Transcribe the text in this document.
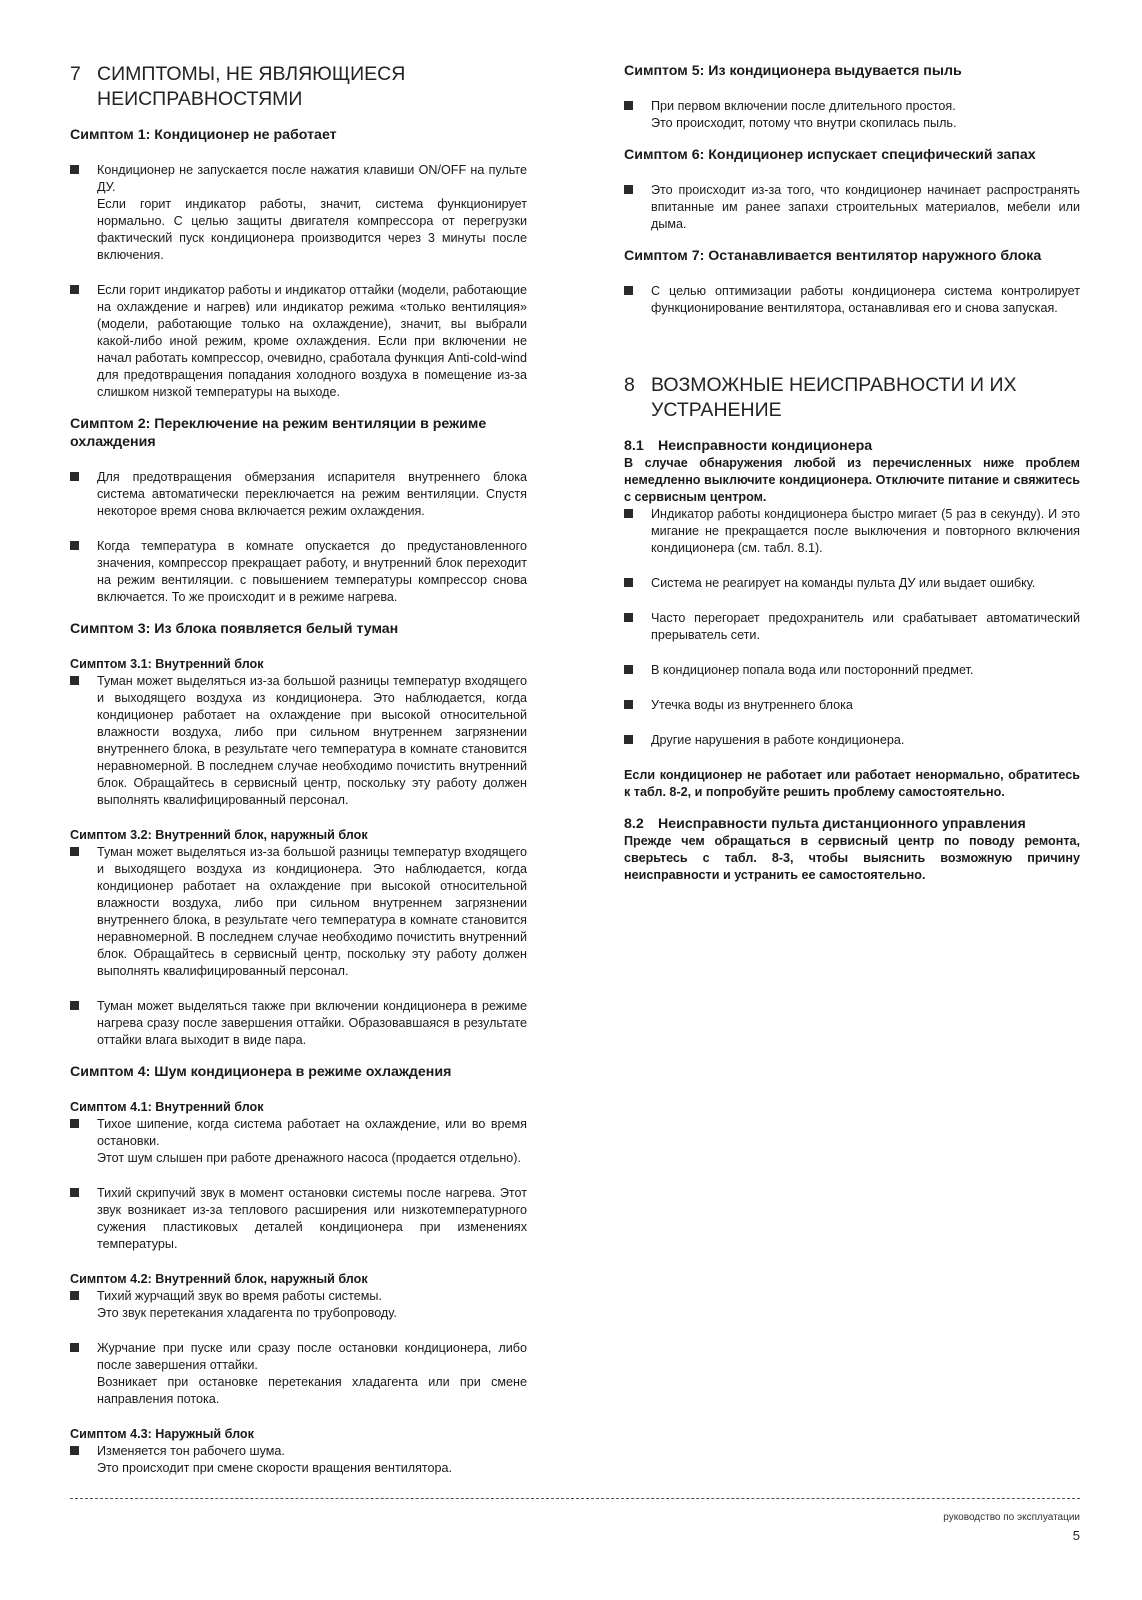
7 СИМПТОМЫ, НЕ ЯВЛЯЮЩИЕСЯ НЕИСПРАВНОСТЯМИ
Симптом 1: Кондиционер не работает

Кондиционер не запускается после нажатия клавиши ON/OFF на пульте ДУ.

Если горит индикатор работы, значит, система функционирует нормально. С целью защиты двигателя компрессора от перегрузки фактический пуск кондиционера производится через 3 минуты после включения.

Если горит индикатор работы и индикатор оттайки (модели, работающие на охлаждение и нагрев) или индикатор режима «только вентиляция» (модели, работающие только на охлаждение), значит, вы выбрали какой-либо иной режим, кроме охлаждения. Если при включении не начал работать компрессор, очевидно, сработала функция Anti-cold-wind для предотвращения попадания холодного воздуха в помещение из-за слишком низкой температуры на выходе.

Симптом 2: Переключение на режим вентиляции в режиме охлаждения

Для предотвращения обмерзания испарителя внутреннего блока система автоматически переключается на режим вентиляции. Спустя некоторое время снова включается режим охлаждения.

Когда температура в комнате опускается до предустановленного значения, компрессор прекращает работу, и внутренний блок переходит на режим вентиляции. с повышением температуры компрессор снова включается. То же происходит и в режиме нагрева.

Симптом 3: Из блока появляется белый туман
Симптом 3.1: Внутренний блок

Туман может выделяться из-за большой разницы температур входящего и выходящего воздуха из кондиционера. Это наблюдается, когда кондиционер работает на охлаждение при высокой относительной влажности воздуха, либо при сильном внутреннем загрязнении внутреннего блока, в результате чего температура в комнате становится неравномерной. В последнем случае необходимо почистить внутренний блок. Обращайтесь в сервисный центр, поскольку эту работу должен выполнять квалифицированный персонал.

Симптом 3.2: Внутренний блок, наружный блок

Туман может выделяться из-за большой разницы температур входящего и выходящего воздуха из кондиционера. Это наблюдается, когда кондиционер работает на охлаждение при высокой относительной влажности воздуха, либо при сильном внутреннем загрязнении внутреннего блока, в результате чего температура в комнате становится неравномерной. В последнем случае необходимо почистить внутренний блок. Обращайтесь в сервисный центр, поскольку эту работу должен выполнять квалифицированный персонал.

Туман может выделяться также при включении кондиционера в режиме нагрева сразу после завершения оттайки. Образовавшаяся в результате оттайки влага выходит в виде пара.

Симптом 4: Шум кондиционера в режиме охлаждения
Симптом 4.1: Внутренний блок

Тихое шипение, когда система работает на охлаждение, или во время остановки.

Этот шум слышен при работе дренажного насоса (продается отдельно).

Тихий скрипучий звук в момент остановки системы после нагрева. Этот звук возникает из-за теплового расширения или низкотемпературного сужения пластиковых деталей кондиционера при изменениях температуры.

Симптом 4.2: Внутренний блок, наружный блок

Тихий журчащий звук во время работы системы.

Это звук перетекания хладагента по трубопроводу.

Журчание при пуске или сразу после остановки кондиционера, либо после завершения оттайки.

Возникает при остановке перетекания хладагента или при смене направления потока.

Симптом 4.3: Наружный блок

Изменяется тон рабочего шума.

Это происходит при смене скорости вращения вентилятора.

Симптом 5: Из кондиционера выдувается пыль

При первом включении после длительного простоя.

Это происходит, потому что внутри скопилась пыль.

Симптом 6: Кондиционер испускает специфический запах

Это происходит из-за того, что кондиционер начинает распространять впитанные им ранее запахи строительных материалов, мебели или дыма.

Симптом 7: Останавливается вентилятор наружного блока

С целью оптимизации работы кондиционера система контролирует функционирование вентилятора, останавливая его и снова запуская.

8 ВОЗМОЖНЫЕ НЕИСПРАВНОСТИ И ИХ УСТРАНЕНИЕ
8.1	Неисправности кондиционера

В случае обнаружения любой из перечисленных ниже проблем немедленно выключите кондиционера. Отключите питание и свяжитесь с сервисным центром.

Индикатор работы кондиционера быстро мигает (5 раз в секунду). И это мигание не прекращается после выключения и повторного включения кондиционера (см. табл. 8.1).

Система не реагирует на команды пульта ДУ или выдает ошибку.

Часто перегорает предохранитель или срабатывает автоматический прерыватель сети.

В кондиционер попала вода или посторонний предмет.

Утечка воды из внутреннего блока

Другие нарушения в работе кондиционера.

Если кондиционер не работает или работает ненормально, обратитесь к табл. 8-2, и попробуйте решить проблему самостоятельно.

8.2	Неисправности пульта дистанционного управления

Прежде чем обращаться в сервисный центр по поводу ремонта, сверьтесь с табл. 8-3, чтобы выяснить возможную причину неисправности и устранить ее самостоятельно.

руководство по эксплуатации
5
